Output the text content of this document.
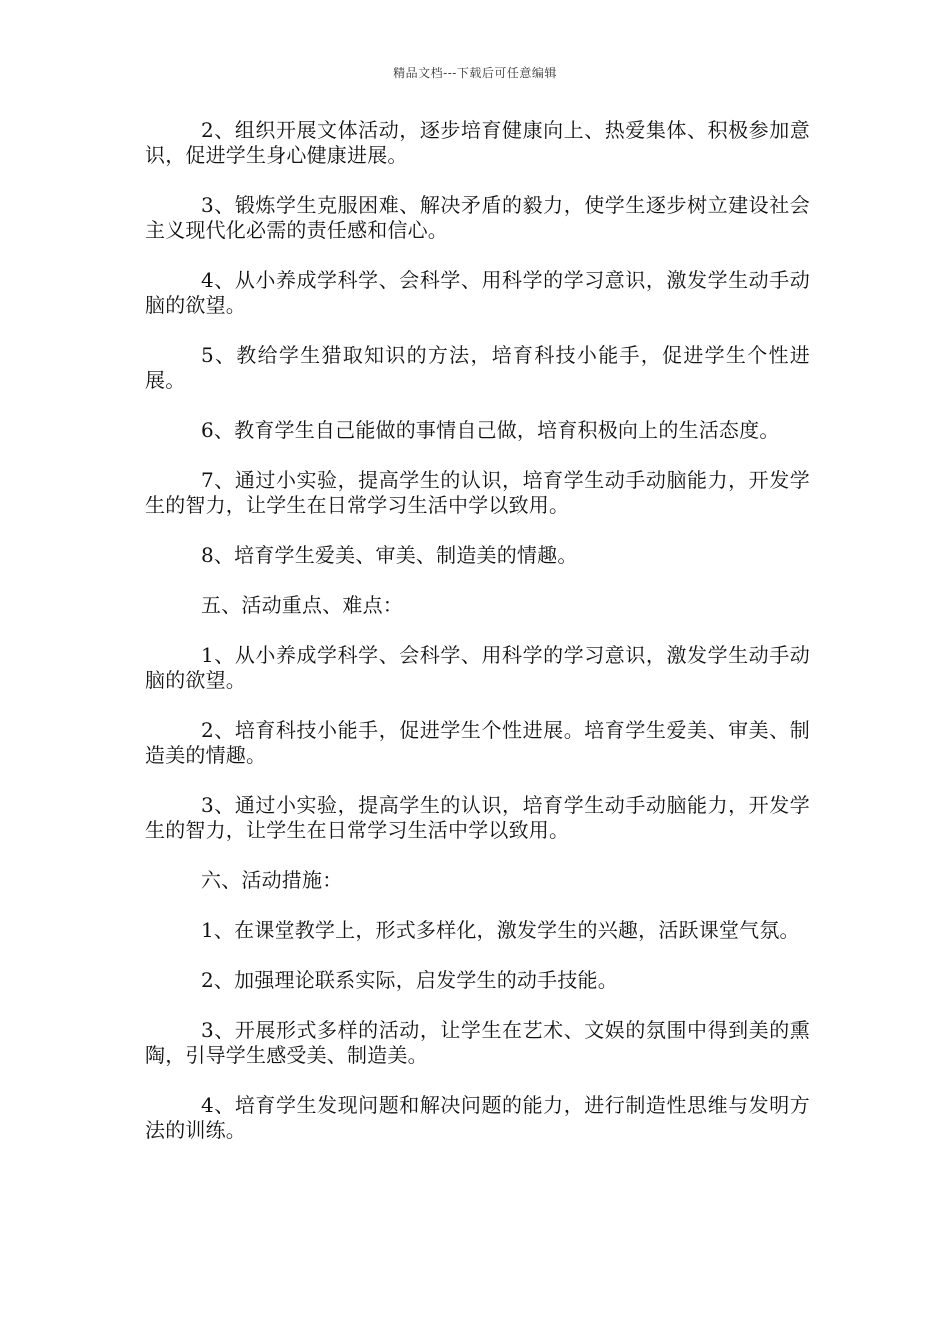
精品文档---下载后可任意编辑

2、组织开展文体活动，逐步培育健康向上、热爱集体、积极参加意识，促进学生身心健康进展。

3、锻炼学生克服困难、解决矛盾的毅力，使学生逐步树立建设社会主义现代化必需的责任感和信心。

4、从小养成学科学、会科学、用科学的学习意识，激发学生动手动脑的欲望。

5、教给学生猎取知识的方法，培育科技小能手，促进学生个性进展。

6、教育学生自己能做的事情自己做，培育积极向上的生活态度。

7、通过小实验，提高学生的认识，培育学生动手动脑能力，开发学生的智力，让学生在日常学习生活中学以致用。

8、培育学生爱美、审美、制造美的情趣。

五、活动重点、难点：

1、从小养成学科学、会科学、用科学的学习意识，激发学生动手动脑的欲望。

2、培育科技小能手，促进学生个性进展。培育学生爱美、审美、制造美的情趣。

3、通过小实验，提高学生的认识，培育学生动手动脑能力，开发学生的智力，让学生在日常学习生活中学以致用。

六、活动措施：

1、在课堂教学上，形式多样化，激发学生的兴趣，活跃课堂气氛。

2、加强理论联系实际，启发学生的动手技能。

3、开展形式多样的活动，让学生在艺术、文娱的氛围中得到美的熏陶，引导学生感受美、制造美。

4、培育学生发现问题和解决问题的能力，进行制造性思维与发明方法的训练。
